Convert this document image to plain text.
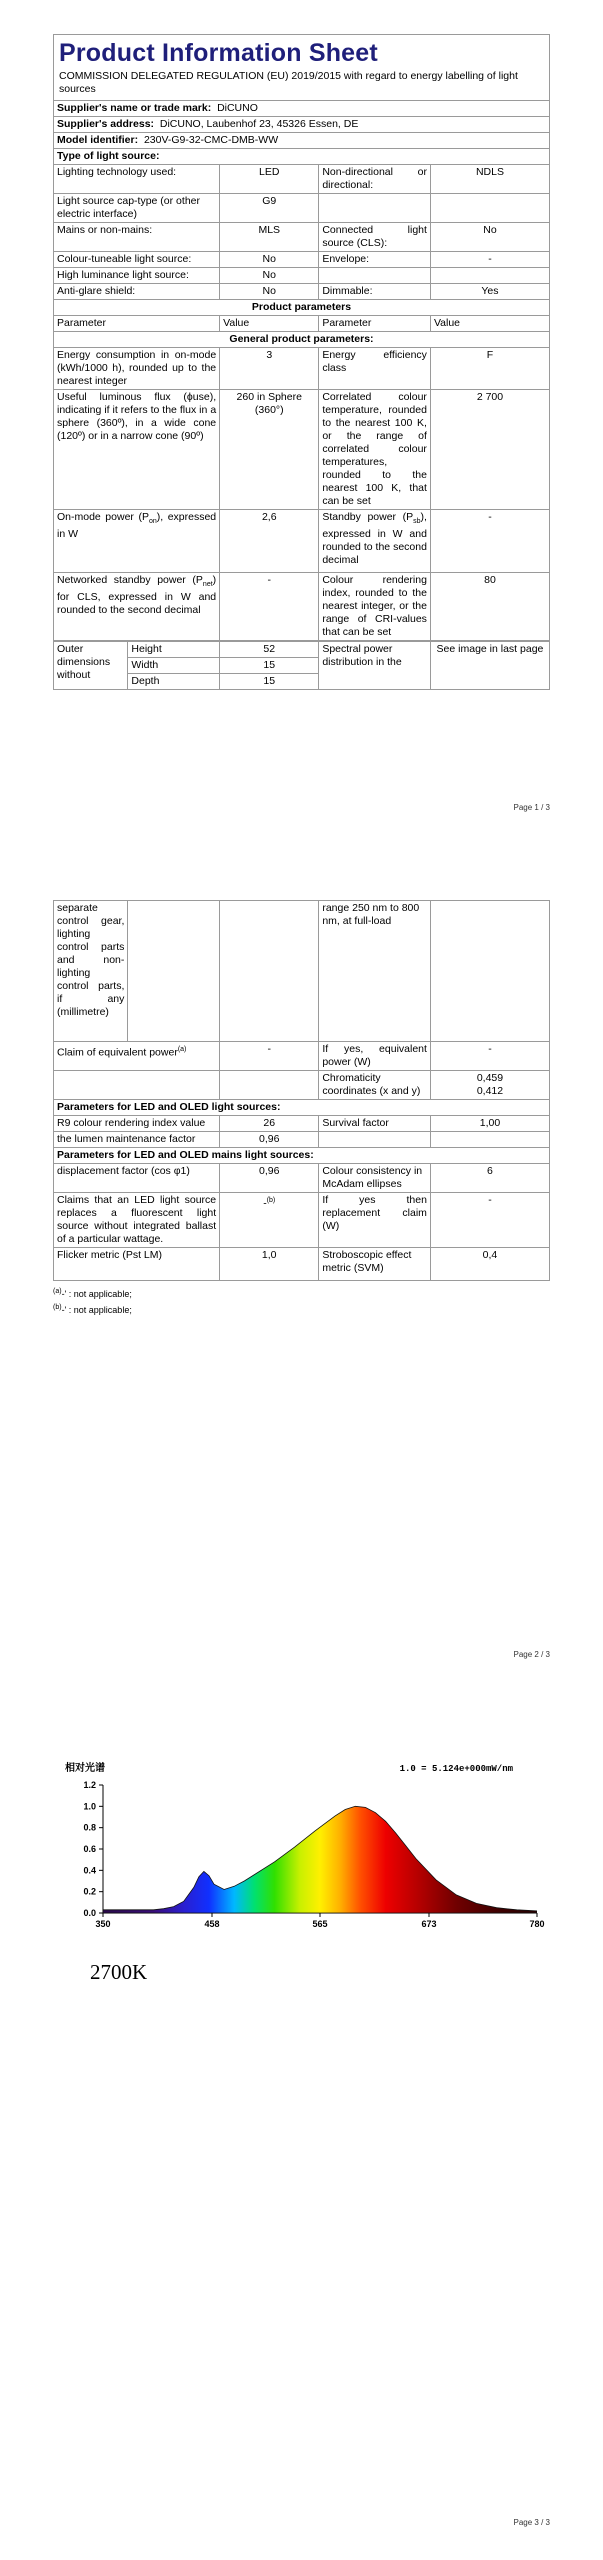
Product Information Sheet
COMMISSION DELEGATED REGULATION (EU) 2019/2015 with regard to energy labelling of light sources
Supplier's name or trade mark: DiCUNO			
Supplier's address: DiCUNO, Laubenhof 23, 45326 Essen, DE			
Model identifier: 230V-G9-32-CMC-DMB-WW			
Type of light source:			
Lighting technology used:	LED	Non-directional or directional:	NDLS
Light source cap-type (or other electric interface)	G9		
Mains or non-mains:	MLS	Connected light source (CLS):	No
Colour-tuneable light source:	No	Envelope:	-
High luminance light source:	No		
Anti-glare shield:	No	Dimmable:	Yes
Product parameters			
Parameter	Value	Parameter	Value
General product parameters:			
Energy consumption in on-mode (kWh/1000 h), rounded up to the nearest integer	3	Energy efficiency class	F
Useful luminous flux (ϕuse), indicating if it refers to the flux in a sphere (360º), in a wide cone (120º) or in a narrow cone (90º)	260 in Sphere (360°)	Correlated colour temperature, rounded to the nearest 100 K, or the range of correlated colour temperatures, rounded to the nearest 100 K, that can be set	2 700
On-mode power $(P_{on})$, expressed in W	2,6	Standby power $(P_{sb})$, expressed in W and rounded to the second decimal	-
Networked standby power $(P_{net})$ for CLS, expressed in W and rounded to the second decimal	-	Colour rendering index, rounded to the nearest integer, or the range of CRI-values that can be set	80
Outer dimensions without	Height	52	Spectral power distribution in the	See image in last page
	Width	15		
	Depth	15		
Page 1 / 3
separate control gear, lighting control parts and non-lighting control parts, if any (millimetre)			range 250 nm to 800 nm, at full-load	
Claim of equivalent power$^{(a)}$		-	If yes, equivalent power (W)	-
			Chromaticity coordinates (x and y)	0,459
0,412
Parameters for LED and OLED light sources:				
R9 colour rendering index value		26	Survival factor	1,00
the lumen maintenance factor		0,96		
Parameters for LED and OLED mains light sources:				
displacement factor (cos φ1)		0,96	Colour consistency in McAdam ellipses	6
Claims that an LED light source replaces a fluorescent light source without integrated ballast of a particular wattage.		-$^{(b)}$	If yes then replacement claim (W)	-
Flicker metric (Pst LM)		1,0	Stroboscopic effect metric (SVM)	0,4
$^{(a)}$-' : not applicable;
$^{(b)}$-' : not applicable;
Page 2 / 3
0.0
0.2
0.4
0.6
0.8
1.0
1.2
350	458	565	673	780
相对光谱	1.0 = 5.124e+000mW/nm
2700K
Page 3 / 3
